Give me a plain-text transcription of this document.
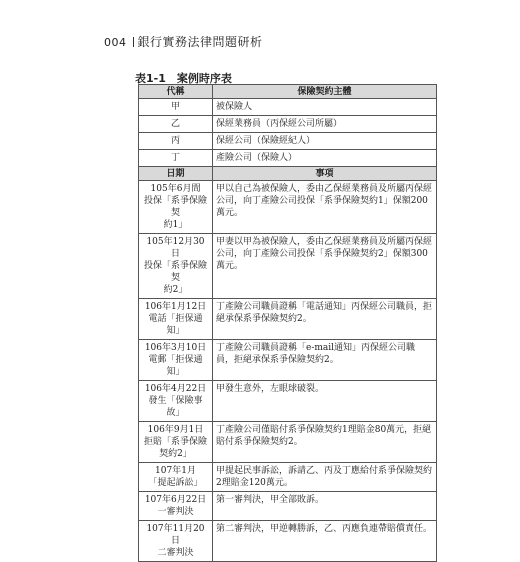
004 銀行實務法律問題研析
表1-1　案例時序表
代稱	保險契約主體
甲	被保險人
乙	保經業務員（丙保經公司所屬）
丙	保經公司（保險經紀人）
丁	產險公司（保險人）
日期	事項

105年6月間
投保「系爭保險契
約1」	甲以自己為被保險人，委由乙保經業務員及所屬丙保經公司，向丁產險公司投保「系爭保險契約1」保額200萬元。

105年12月30日
投保「系爭保險契
約2」	甲妻以甲為被保險人，委由乙保經業務員及所屬丙保經公司，向丁產險公司投保「系爭保險契約2」保額300萬元。

106年1月12日
電話「拒保通知」	丁產險公司職員證稱「電話通知」丙保經公司職員，拒絕承保系爭保險契約2。

106年3月10日
電郵「拒保通知」	丁產險公司職員證稱「e-mail通知」丙保經公司職員，拒絕承保系爭保險契約2。

106年4月22日
發生「保險事故」	甲發生意外，左眼球破裂。

106年9月1日
拒賠「系爭保險契約2」	丁產險公司僅賠付系爭保險契約1理賠金80萬元，拒絕賠付系爭保險契約2。

107年1月
「提起訴訟」	甲提起民事訴訟，訴請乙、丙及丁應給付系爭保險契約2理賠金120萬元。

107年6月22日
一審判決	第一審判決，甲全部敗訴。

107年11月20日
二審判決	第二審判決，甲逆轉勝訴，乙、丙應負連帶賠償責任。
